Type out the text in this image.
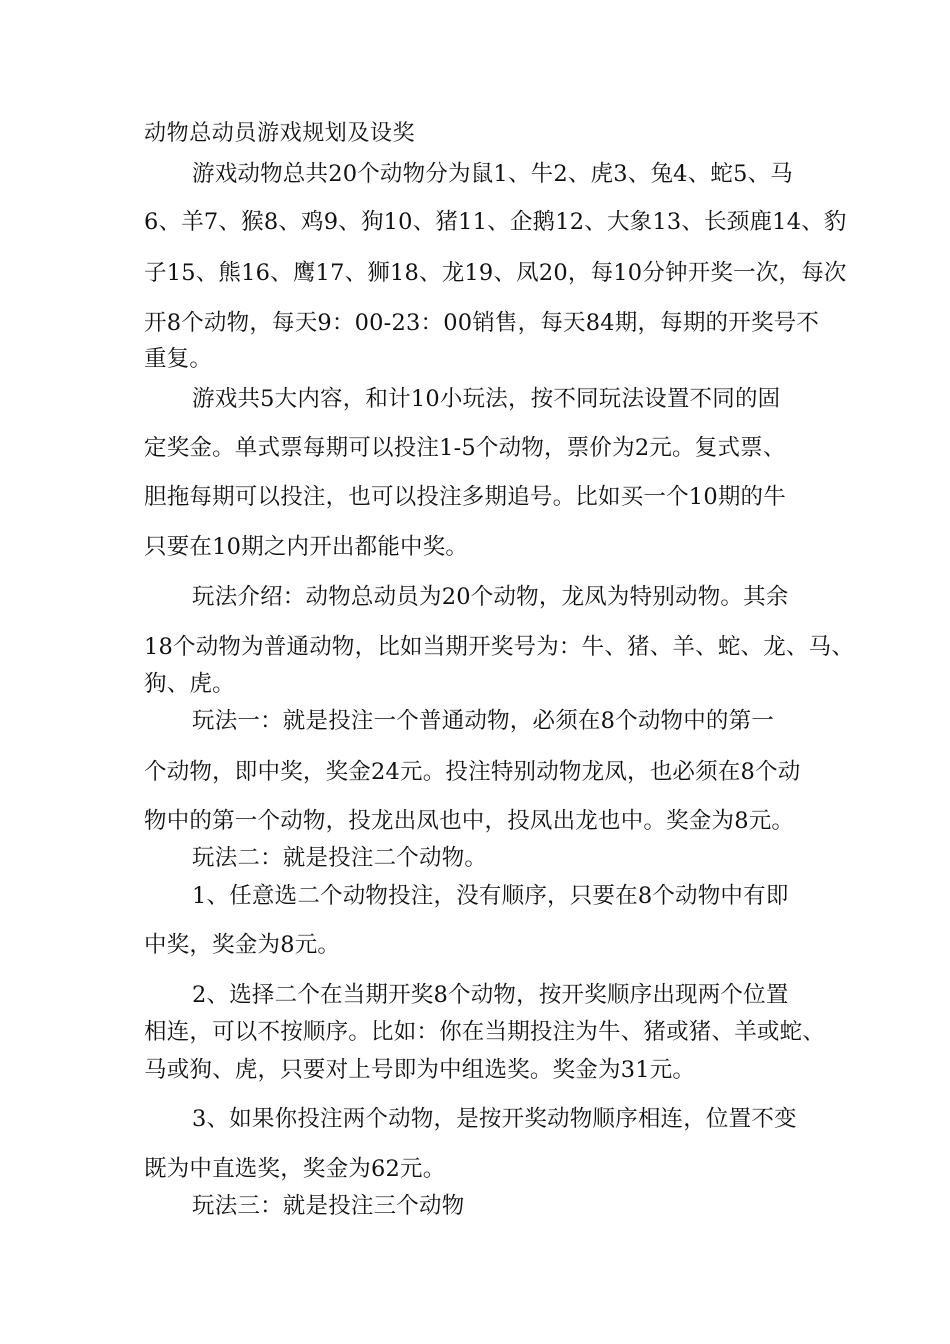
动物总动员游戏规划及设奖

游戏动物总共20个动物分为鼠1、牛2、虎3、兔4、蛇5、马

6、羊7、猴8、鸡9、狗10、猪11、企鹅12、大象13、长颈鹿14、豹

子15、熊16、鹰17、狮18、龙19、凤20，每10分钟开奖一次，每次

开8个动物，每天9：00-23：00销售，每天84期，每期的开奖号不

重复。

游戏共5大内容，和计10小玩法，按不同玩法设置不同的固

定奖金。单式票每期可以投注1-5个动物，票价为2元。复式票、

胆拖每期可以投注，也可以投注多期追号。比如买一个10期的牛

只要在10期之内开出都能中奖。

玩法介绍：动物总动员为20个动物，龙凤为特别动物。其余

18个动物为普通动物，比如当期开奖号为：牛、猪、羊、蛇、龙、马、

狗、虎。

玩法一：就是投注一个普通动物，必须在8个动物中的第一

个动物，即中奖，奖金24元。投注特别动物龙凤，也必须在8个动

物中的第一个动物，投龙出凤也中，投凤出龙也中。奖金为8元。

玩法二：就是投注二个动物。

1、任意选二个动物投注，没有顺序，只要在8个动物中有即

中奖，奖金为8元。

2、选择二个在当期开奖8个动物，按开奖顺序出现两个位置

相连，可以不按顺序。比如：你在当期投注为牛、猪或猪、羊或蛇、

马或狗、虎，只要对上号即为中组选奖。奖金为31元。

3、如果你投注两个动物，是按开奖动物顺序相连，位置不变

既为中直选奖，奖金为62元。

玩法三：就是投注三个动物
